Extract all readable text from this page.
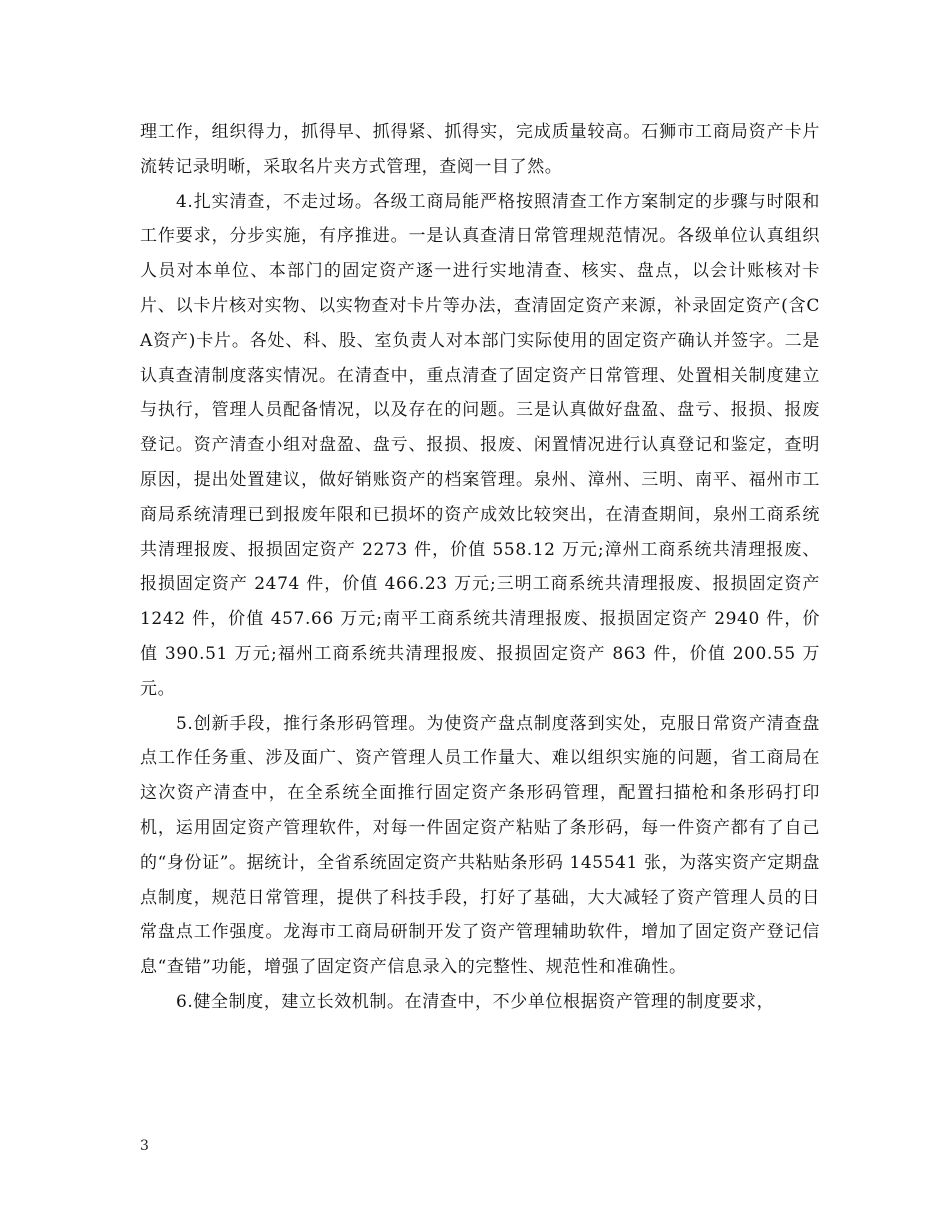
理工作，组织得力，抓得早、抓得紧、抓得实，完成质量较高。石狮市工商局资产卡片流转记录明晰，采取名片夹方式管理，查阅一目了然。

4.扎实清查，不走过场。各级工商局能严格按照清查工作方案制定的步骤与时限和工作要求，分步实施，有序推进。一是认真查清日常管理规范情况。各级单位认真组织人员对本单位、本部门的固定资产逐一进行实地清查、核实、盘点，以会计账核对卡片、以卡片核对实物、以实物查对卡片等办法，查清固定资产来源，补录固定资产(含CA资产)卡片。各处、科、股、室负责人对本部门实际使用的固定资产确认并签字。二是认真查清制度落实情况。在清查中，重点清查了固定资产日常管理、处置相关制度建立与执行，管理人员配备情况，以及存在的问题。三是认真做好盘盈、盘亏、报损、报废登记。资产清查小组对盘盈、盘亏、报损、报废、闲置情况进行认真登记和鉴定，查明原因，提出处置建议，做好销账资产的档案管理。泉州、漳州、三明、南平、福州市工商局系统清理已到报废年限和已损坏的资产成效比较突出，在清查期间，泉州工商系统共清理报废、报损固定资产 2273 件，价值 558.12 万元;漳州工商系统共清理报废、报损固定资产 2474 件，价值 466.23 万元;三明工商系统共清理报废、报损固定资产 1242 件，价值 457.66 万元;南平工商系统共清理报废、报损固定资产 2940 件，价值 390.51 万元;福州工商系统共清理报废、报损固定资产 863 件，价值 200.55 万元。

5.创新手段，推行条形码管理。为使资产盘点制度落到实处，克服日常资产清查盘点工作任务重、涉及面广、资产管理人员工作量大、难以组织实施的问题，省工商局在这次资产清查中，在全系统全面推行固定资产条形码管理，配置扫描枪和条形码打印机，运用固定资产管理软件，对每一件固定资产粘贴了条形码，每一件资产都有了自己的“身份证”。据统计，全省系统固定资产共粘贴条形码 145541 张，为落实资产定期盘点制度，规范日常管理，提供了科技手段，打好了基础，大大减轻了资产管理人员的日常盘点工作强度。龙海市工商局研制开发了资产管理辅助软件，增加了固定资产登记信息“查错”功能，增强了固定资产信息录入的完整性、规范性和准确性。

6.健全制度，建立长效机制。在清查中，不少单位根据资产管理的制度要求，

3
